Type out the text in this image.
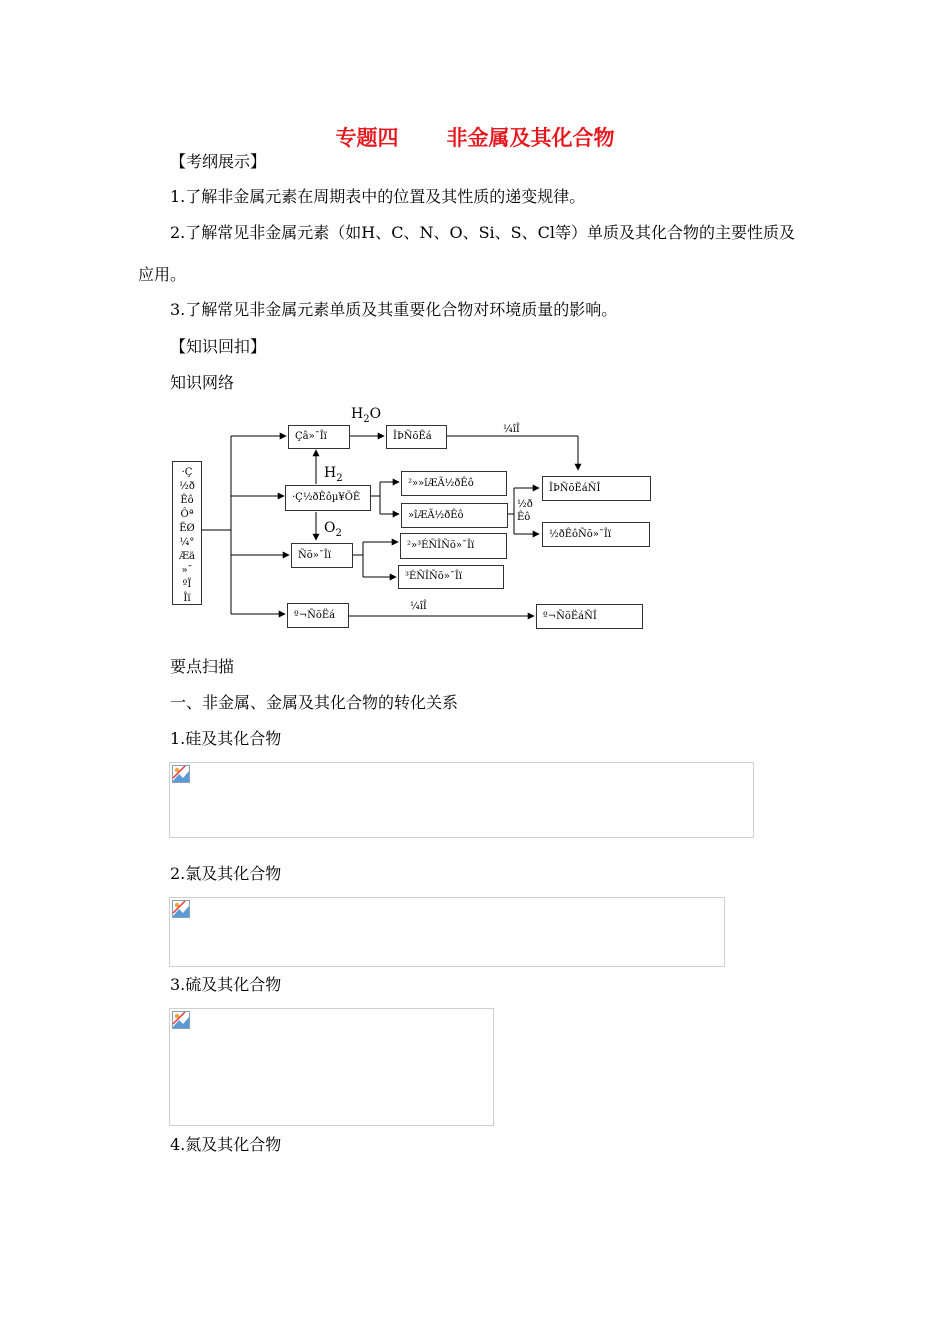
专题四 非金属及其化合物
【考纲展示】
1.了解非金属元素在周期表中的位置及其性质的递变规律。
2.了解常见非金属元素（如H、C、N、O、Si、S、Cl等）单质及其化合物的主要性质及
应用。
3.了解常见非金属元素单质及其重要化合物对环境质量的影响。
【知识回扣】
知识网络
·Ç
½ð
Êô
Ôª
ËØ
¼°
Æä
»¯
ºÏ
Îï
Çâ»¯Îï	ÎÞÑõËá
·Ç½ðÊôµ¥ÖÊ
Ñõ»¯Îï
º¬ÑõËá
²»»îÆÃ½ðÊô
»îÆÃ½ðÊô
²»³ÉÑÎÑõ»¯Îï
³ÉÑÎÑõ»¯Îï
ÎÞÑõËáÑÎ
½ðÊôÑõ»¯Îï
º¬ÑõËáÑÎ
¼îÎ
¼îÎ
½ð
Êô
$H_2O$
$H_2$
$O_2$
要点扫描
一、非金属、金属及其化合物的转化关系
1.硅及其化合物
2.氯及其化合物
3.硫及其化合物
4.氮及其化合物
